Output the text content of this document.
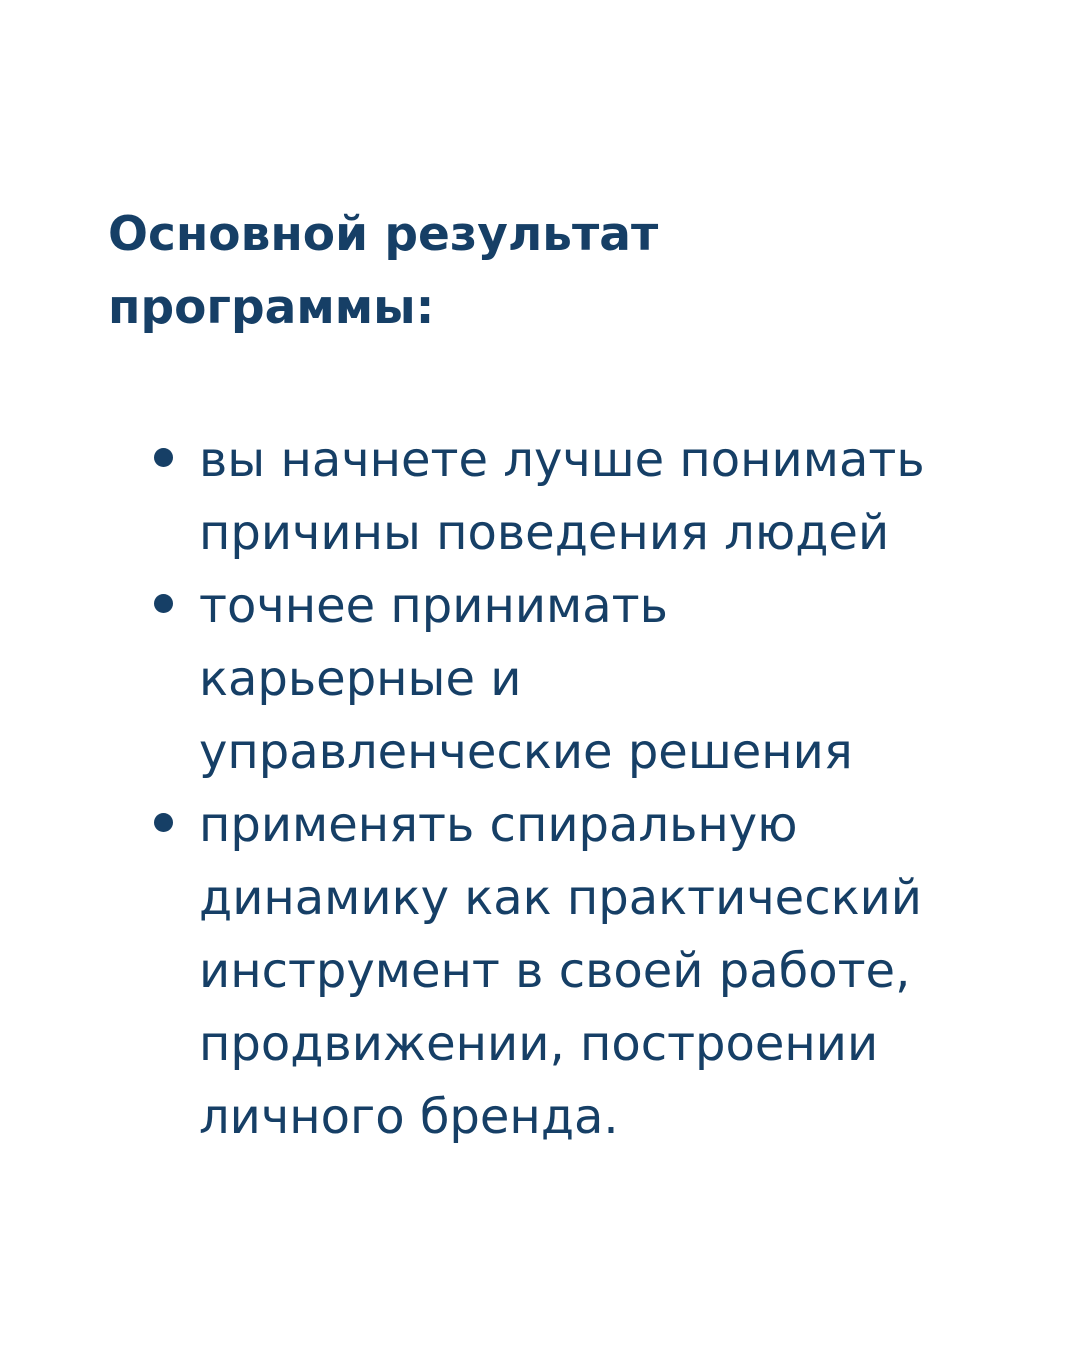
Основной результат
программы:
вы начнете лучше понимать
причины поведения людей
точнее принимать
карьерные и
управленческие решения
применять спиральную
динамику как практический
инструмент в своей работе,
продвижении, построении
личного бренда.
